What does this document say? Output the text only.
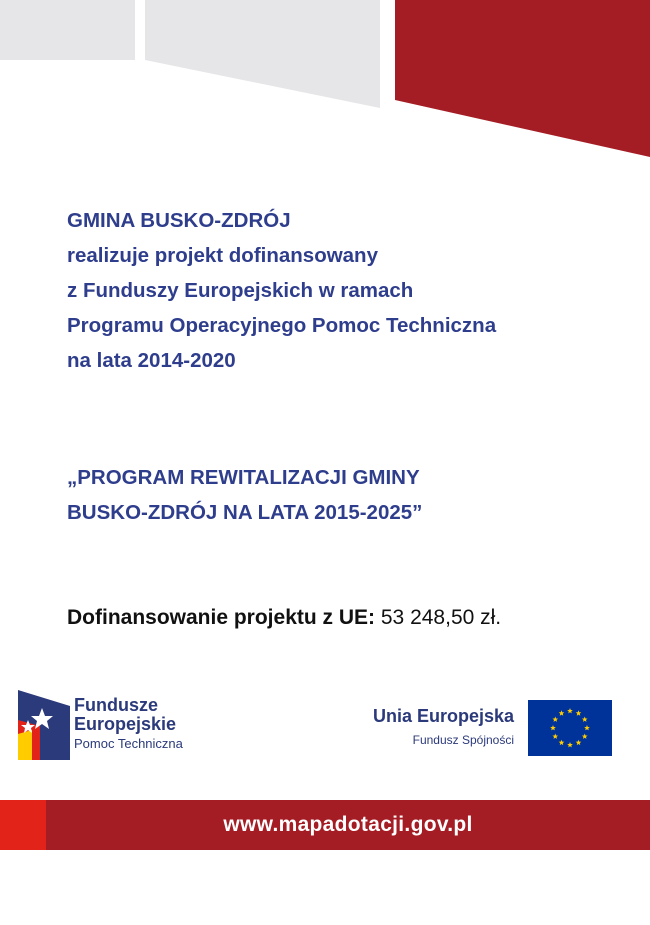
GMINA BUSKO-ZDRÓJ
realizuje projekt dofinansowany
z Funduszy Europejskich w ramach
Programu Operacyjnego Pomoc Techniczna
na lata 2014-2020
„PROGRAM REWITALIZACJI GMINY
BUSKO-ZDRÓJ NA LATA 2015-2025”
Dofinansowanie projektu z UE: 53 248,50 zł.
Fundusze
Europejskie
Pomoc Techniczna
Unia Europejska
Fundusz Spójności
www.mapadotacji.gov.pl
